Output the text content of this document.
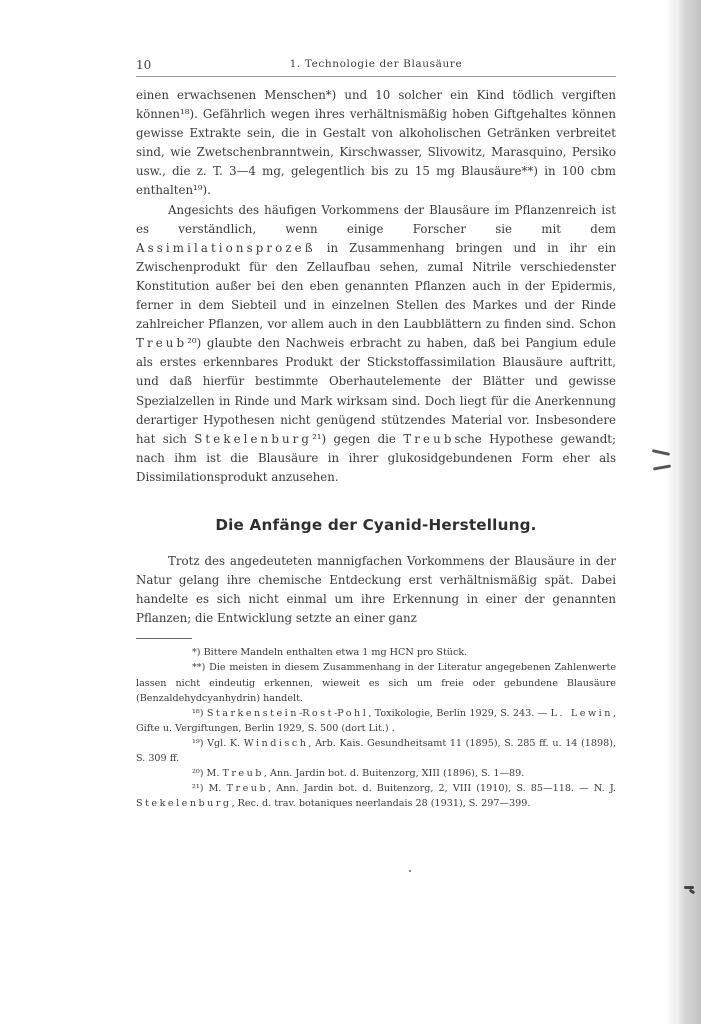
10	1. Technologie der Blausäure

einen erwachsenen Menschen*) und 10 solcher ein Kind tödlich vergiften können¹⁸). Gefährlich wegen ihres verhältnismäßig hoben Giftgehaltes können gewisse Extrakte sein, die in Gestalt von alkoholischen Getränken verbreitet sind, wie Zwetschenbranntwein, Kirschwasser, Slivowitz, Marasquino, Persiko usw., die z. T. 3—4 mg, gelegentlich bis zu 15 mg Blausäure**) in 100 cbm enthalten¹⁹).

Angesichts des häufigen Vorkommens der Blausäure im Pflanzenreich ist es verständlich, wenn einige Forscher sie mit dem Assimilationsprozeß in Zusammenhang bringen und in ihr ein Zwischenprodukt für den Zellaufbau sehen, zumal Nitrile verschiedenster Konstitution außer bei den eben genannten Pflanzen auch in der Epidermis, ferner in dem Siebteil und in einzelnen Stellen des Markes und der Rinde zahlreicher Pflanzen, vor allem auch in den Laubblättern zu finden sind. Schon Treub²⁰) glaubte den Nachweis erbracht zu haben, daß bei Pangium edule als erstes erkennbares Produkt der Stickstoffassimilation Blausäure auftritt, und daß hierfür bestimmte Oberhautelemente der Blätter und gewisse Spezialzellen in Rinde und Mark wirksam sind. Doch liegt für die Anerkennung derartiger Hypothesen nicht genügend stützendes Material vor. Insbesondere hat sich Stekelenburg²¹) gegen die Treubsche Hypothese gewandt; nach ihm ist die Blausäure in ihrer glukosidgebundenen Form eher als Dissimilationsprodukt anzusehen.

Die Anfänge der Cyanid-Herstellung.

Trotz des angedeuteten mannigfachen Vorkommens der Blausäure in der Natur gelang ihre chemische Entdeckung erst verhältnismäßig spät. Dabei handelte es sich nicht einmal um ihre Erkennung in einer der genannten Pflanzen; die Entwicklung setzte an einer ganz

*) Bittere Mandeln enthalten etwa 1 mg HCN pro Stück.

**) Die meisten in diesem Zusammenhang in der Literatur angegebenen Zahlenwerte lassen nicht eindeutig erkennen, wieweit es sich um freie oder gebundene Blausäure (Benzaldehydcyanhydrin) handelt.

¹⁸) Starkenstein-Rost-Pohl, Toxikologie, Berlin 1929, S. 243. — L. Lewin, Gifte u. Vergiftungen, Berlin 1929, S. 500 (dort Lit.) .

¹⁹) Vgl. K. Windisch, Arb. Kais. Gesundheitsamt 11 (1895), S. 285 ff. u. 14 (1898), S. 309 ff.

²⁰) M. Treub, Ann. Jardin bot. d. Buitenzorg, XIII (1896), S. 1—89.

²¹) M. Treub, Ann. Jardin bot. d. Buitenzorg, 2, VIII (1910), S. 85—118. — N. J. Stekelenburg, Rec. d. trav. botaniques neerlandais 28 (1931), S. 297—399.
